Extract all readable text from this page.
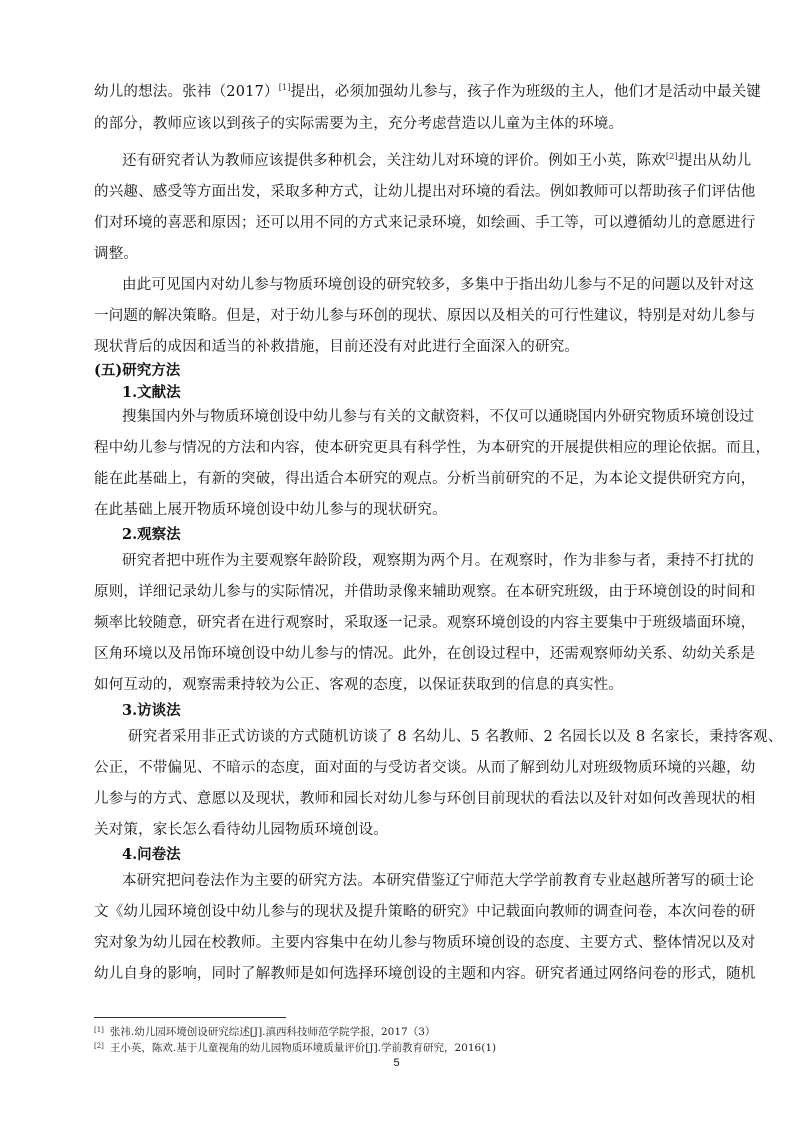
幼儿的想法。张祎（2017）[1]提出，必须加强幼儿参与，孩子作为班级的主人，他们才是活动中最关键
的部分，教师应该以到孩子的实际需要为主，充分考虑营造以儿童为主体的环境。
还有研究者认为教师应该提供多种机会，关注幼儿对环境的评价。例如王小英，陈欢[2]提出从幼儿
的兴趣、感受等方面出发，采取多种方式，让幼儿提出对环境的看法。例如教师可以帮助孩子们评估他
们对环境的喜恶和原因；还可以用不同的方式来记录环境，如绘画、手工等，可以遵循幼儿的意愿进行
调整。
由此可见国内对幼儿参与物质环境创设的研究较多，多集中于指出幼儿参与不足的问题以及针对这
一问题的解决策略。但是，对于幼儿参与环创的现状、原因以及相关的可行性建议，特别是对幼儿参与
现状背后的成因和适当的补救措施，目前还没有对此进行全面深入的研究。
(五)研究方法
1.文献法
搜集国内外与物质环境创设中幼儿参与有关的文献资料，不仅可以通晓国内外研究物质环境创设过
程中幼儿参与情况的方法和内容，使本研究更具有科学性，为本研究的开展提供相应的理论依据。而且，
能在此基础上，有新的突破，得出适合本研究的观点。分析当前研究的不足，为本论文提供研究方向，
在此基础上展开物质环境创设中幼儿参与的现状研究。
2.观察法
研究者把中班作为主要观察年龄阶段，观察期为两个月。在观察时，作为非参与者，秉持不打扰的
原则，详细记录幼儿参与的实际情况，并借助录像来辅助观察。在本研究班级，由于环境创设的时间和
频率比较随意，研究者在进行观察时，采取逐一记录。观察环境创设的内容主要集中于班级墙面环境，
区角环境以及吊饰环境创设中幼儿参与的情况。此外，在创设过程中，还需观察师幼关系、幼幼关系是
如何互动的，观察需秉持较为公正、客观的态度，以保证获取到的信息的真实性。
3.访谈法
研究者采用非正式访谈的方式随机访谈了 8 名幼儿、5 名教师、2 名园长以及 8 名家长，秉持客观、
公正，不带偏见、不暗示的态度，面对面的与受访者交谈。从而了解到幼儿对班级物质环境的兴趣，幼
儿参与的方式、意愿以及现状，教师和园长对幼儿参与环创目前现状的看法以及针对如何改善现状的相
关对策，家长怎么看待幼儿园物质环境创设。
4.问卷法
本研究把问卷法作为主要的研究方法。本研究借鉴辽宁师范大学学前教育专业赵越所著写的硕士论
文《幼儿园环境创设中幼儿参与的现状及提升策略的研究》中记载面向教师的调查问卷，本次问卷的研
究对象为幼儿园在校教师。主要内容集中在幼儿参与物质环境创设的态度、主要方式、整体情况以及对
幼儿自身的影响，同时了解教师是如何选择环境创设的主题和内容。研究者通过网络问卷的形式，随机
[1] 张祎.幼儿园环境创设研究综述[J].滇西科技师范学院学报，2017（3）
[2] 王小英，陈欢.基于儿童视角的幼儿园物质环境质量评价[J].学前教育研究，2016(1)
5
